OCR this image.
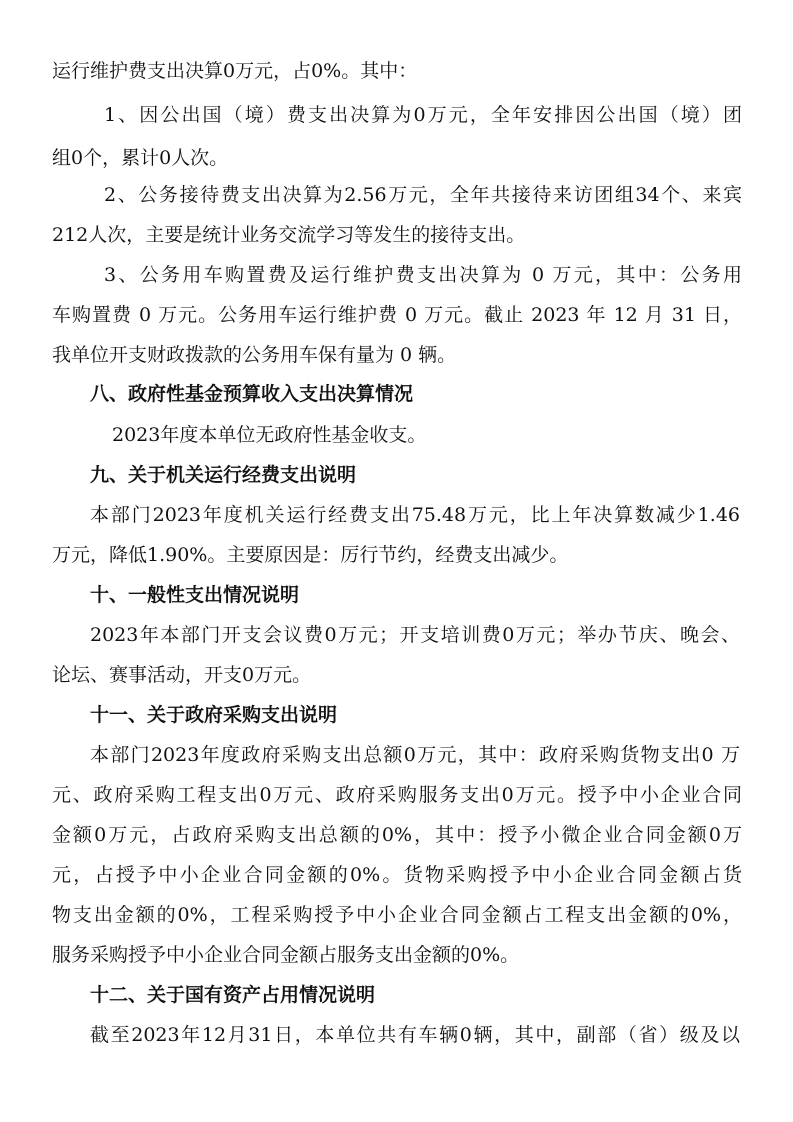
运行维护费支出决算0万元，占0%。其中：
1、因公出国（境）费支出决算为0万元，全年安排因公出国（境）团
组0个，累计0人次。
2、公务接待费支出决算为2.56万元，全年共接待来访团组34个、来宾
212人次，主要是统计业务交流学习等发生的接待支出。
3、公务用车购置费及运行维护费支出决算为 0 万元，其中：公务用
车购置费 0 万元。公务用车运行维护费 0 万元。截止 2023 年 12 月 31 日，
我单位开支财政拨款的公务用车保有量为 0 辆。
八、政府性基金预算收入支出决算情况
2023年度本单位无政府性基金收支。
九、关于机关运行经费支出说明
本部门2023年度机关运行经费支出75.48万元，比上年决算数减少1.46
万元，降低1.90%。主要原因是：厉行节约，经费支出减少。
十、一般性支出情况说明
2023年本部门开支会议费0万元；开支培训费0万元；举办节庆、晚会、
论坛、赛事活动，开支0万元。
十一、关于政府采购支出说明
本部门2023年度政府采购支出总额0万元，其中：政府采购货物支出0 万
元、政府采购工程支出0万元、政府采购服务支出0万元。授予中小企业合同
金额0万元，占政府采购支出总额的0%，其中：授予小微企业合同金额0万
元，占授予中小企业合同金额的0%。货物采购授予中小企业合同金额占货
物支出金额的0%，工程采购授予中小企业合同金额占工程支出金额的0%，
服务采购授予中小企业合同金额占服务支出金额的0%。
十二、关于国有资产占用情况说明
截至2023年12月31日，本单位共有车辆0辆，其中，副部（省）级及以
